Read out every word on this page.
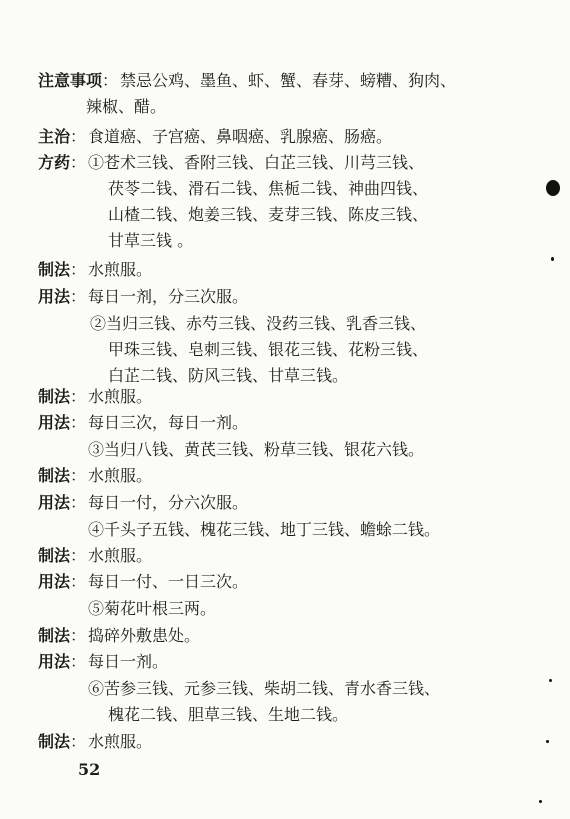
注意事项： 禁忌公鸡、墨鱼、虾、蟹、春芽、螃糟、狗肉、
辣椒、醋。
主治： 食道癌、子宫癌、鼻咽癌、乳腺癌、肠癌。
方药： ①苍术三钱、香附三钱、白芷三钱、川芎三钱、
茯苓二钱、滑石二钱、焦栀二钱、神曲四钱、
山楂二钱、炮姜三钱、麦芽三钱、陈皮三钱、
甘草三钱 。
制法： 水煎服。
用法： 每日一剂，分三次服。
②当归三钱、赤芍三钱、没药三钱、乳香三钱、
甲珠三钱、皂刺三钱、银花三钱、花粉三钱、
白芷二钱、防风三钱、甘草三钱。
制法： 水煎服。
用法： 每日三次，每日一剂。
③当归八钱、黄芪三钱、粉草三钱、银花六钱。
制法： 水煎服。
用法： 每日一付，分六次服。
④千头子五钱、槐花三钱、地丁三钱、蟾蜍二钱。
制法： 水煎服。
用法： 每日一付、一日三次。
⑤菊花叶根三两。
制法： 捣碎外敷患处。
用法： 每日一剂。
⑥苦参三钱、元参三钱、柴胡二钱、青水香三钱、
槐花二钱、胆草三钱、生地二钱。
制法： 水煎服。
52
